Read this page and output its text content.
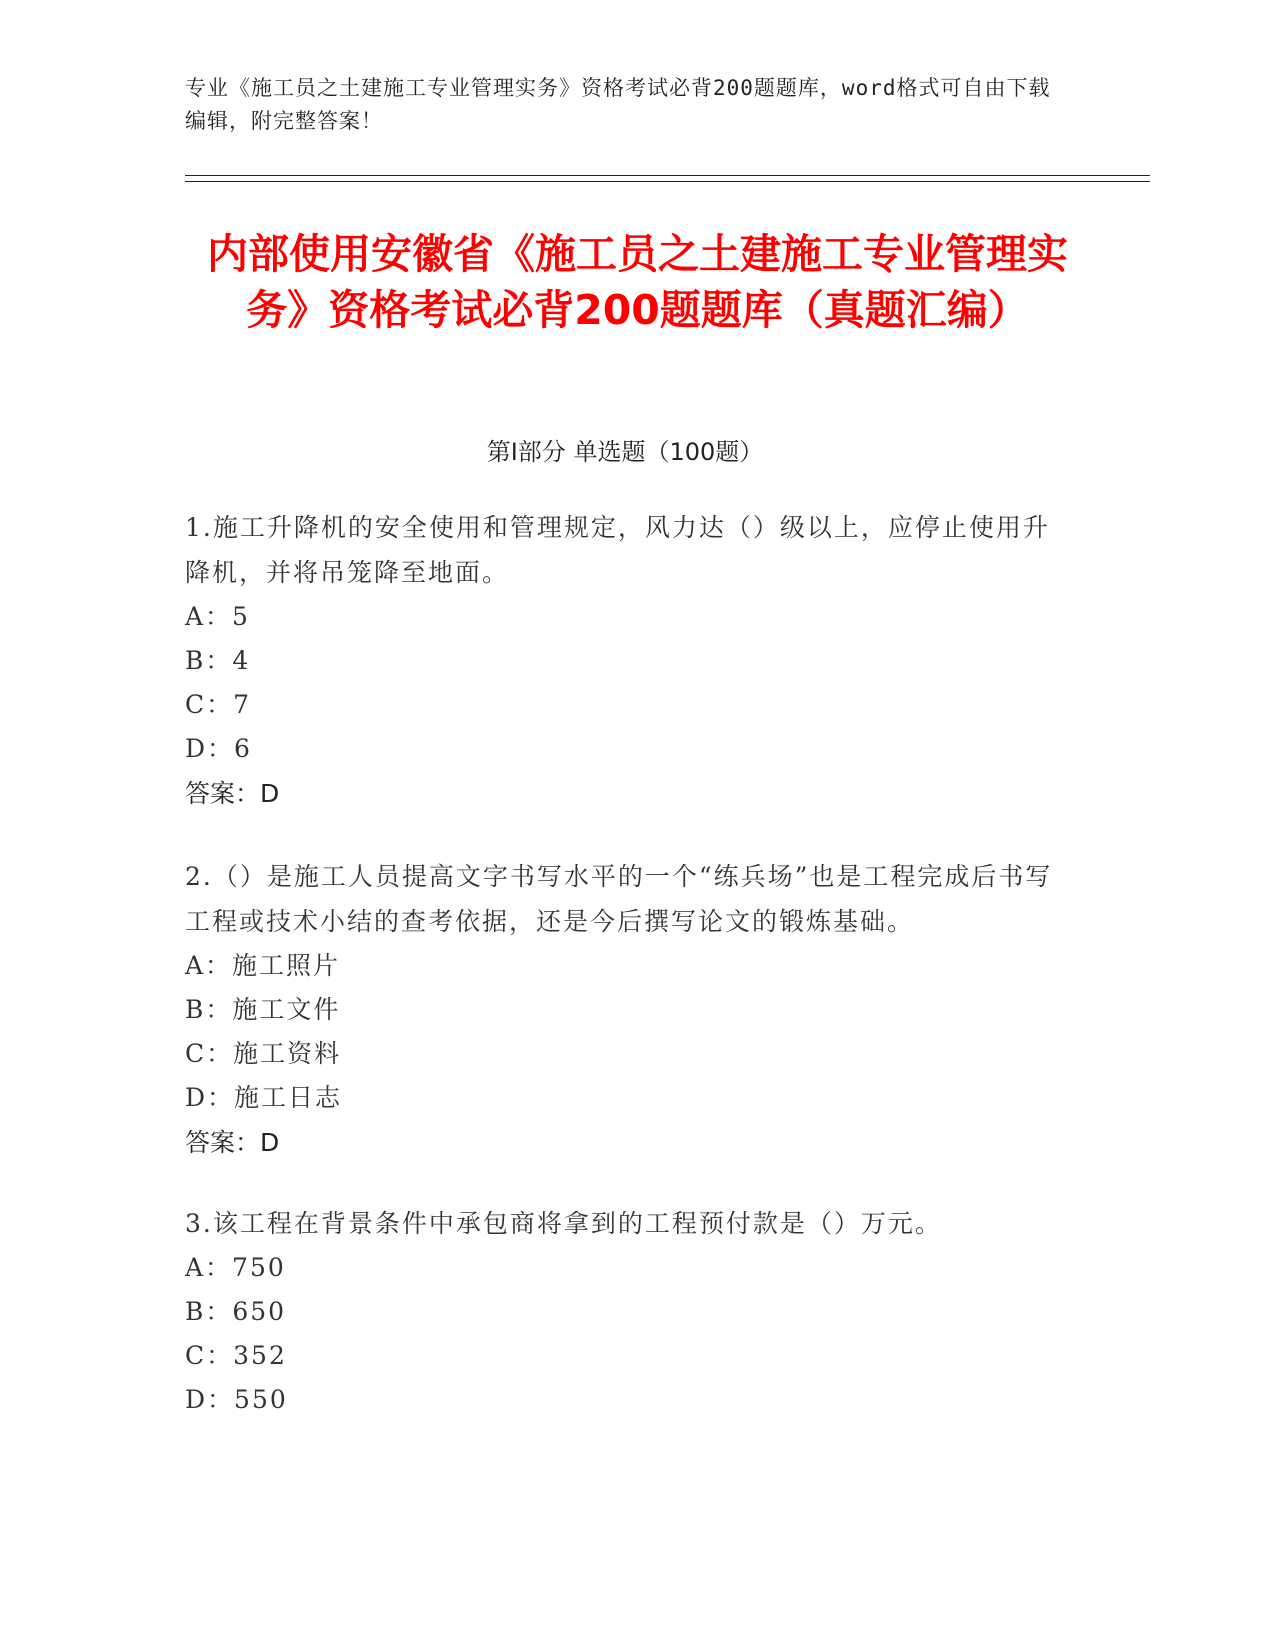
专业《施工员之土建施工专业管理实务》资格考试必背200题题库，word格式可自由下载编辑，附完整答案！
内部使用安徽省《施工员之土建施工专业管理实务》资格考试必背200题题库（真题汇编）
第Ⅰ部分 单选题（100题）
1.施工升降机的安全使用和管理规定，风力达（）级以上，应停止使用升降机，并将吊笼降至地面。
A：5
B：4
C：7
D：6
答案：D
2.（）是施工人员提高文字书写水平的一个“练兵场”也是工程完成后书写工程或技术小结的查考依据，还是今后撰写论文的锻炼基础。
A：施工照片
B：施工文件
C：施工资料
D：施工日志
答案：D
3.该工程在背景条件中承包商将拿到的工程预付款是（）万元。
A：750
B：650
C：352
D：550
